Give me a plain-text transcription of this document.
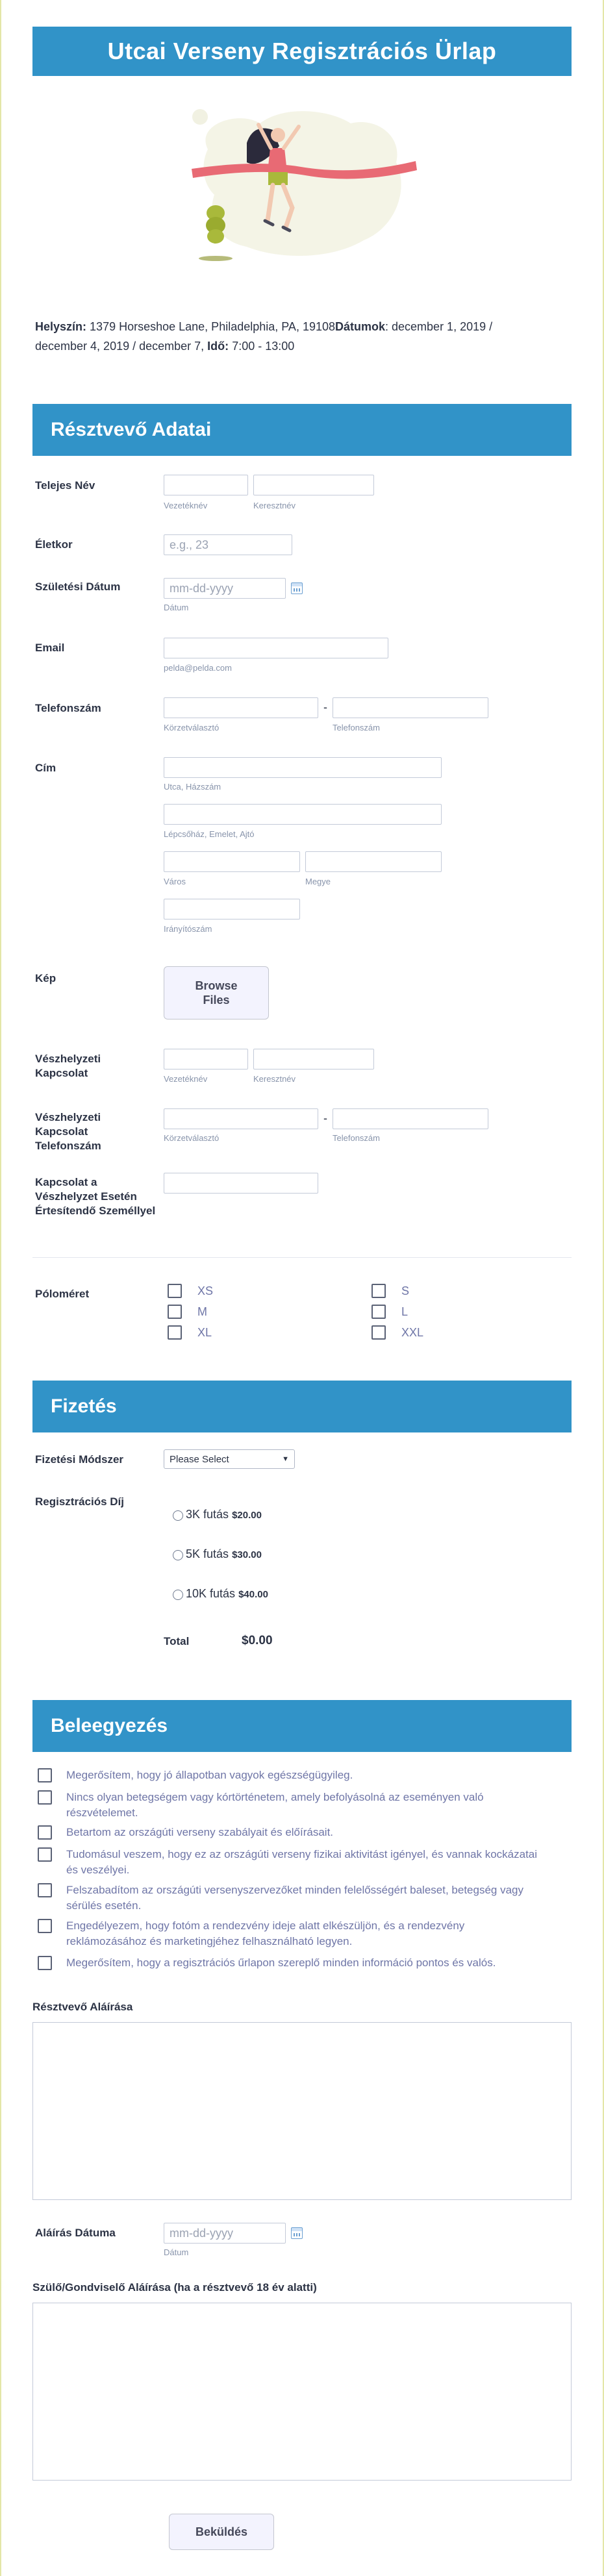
Utcai Verseny Regisztrációs Ürlap
Helyszín: 1379 Horseshoe Lane, Philadelphia, PA, 19108Dátumok: december 1, 2019 / december 4, 2019 / december 7, Idő: 7:00 - 13:00
Résztvevő Adatai
Telejes Név
Vezetéknév	Keresztnév
Életkor	e.g., 23
Születési Dátum	mm-dd-yyyy
Dátum
Email
pelda@pelda.com
Telefonszám	-
Körzetválasztó	Telefonszám
Cím
Utca, Házszám
Lépcsőház, Emelet, Ajtó
Város	Megye
Irányítószám
Kép
Browse Files
Vészhelyzeti Kapcsolat	Vezetéknév	Keresztnév
Vészhelyzeti Kapcsolat Telefonszám
-
Körzetválasztó	Telefonszám
Kapcsolat a Vészhelyzet Esetén Értesítendő Személlyel
Póloméret	XS
M
XL
S
L
XXL
Fizetés
Fizetési Módszer	Please Select	▼
Regisztrációs Díj
3K futás $20.00
5K futás $30.00
10K futás $40.00
Total	$0.00
Beleegyezés
Megerősítem, hogy jó állapotban vagyok egészségügyileg.
Nincs olyan betegségem vagy kórtörténetem, amely befolyásolná az eseményen való részvételemet.
Betartom az országúti verseny szabályait és előírásait.
Tudomásul veszem, hogy ez az országúti verseny fizikai aktivitást igényel, és vannak kockázatai és veszélyei.
Felszabadítom az országúti versenyszervezőket minden felelősségért baleset, betegség vagy sérülés esetén.
Engedélyezem, hogy fotóm a rendezvény ideje alatt elkészüljön, és a rendezvény reklámozásához és marketingjéhez felhasználható legyen.
Megerősítem, hogy a regisztrációs űrlapon szereplő minden információ pontos és valós.
Résztvevő Aláírása
Aláírás Dátuma	mm-dd-yyyy
Dátum
Szülő/Gondviselő Aláírása (ha a résztvevő 18 év alatti)
Beküldés
